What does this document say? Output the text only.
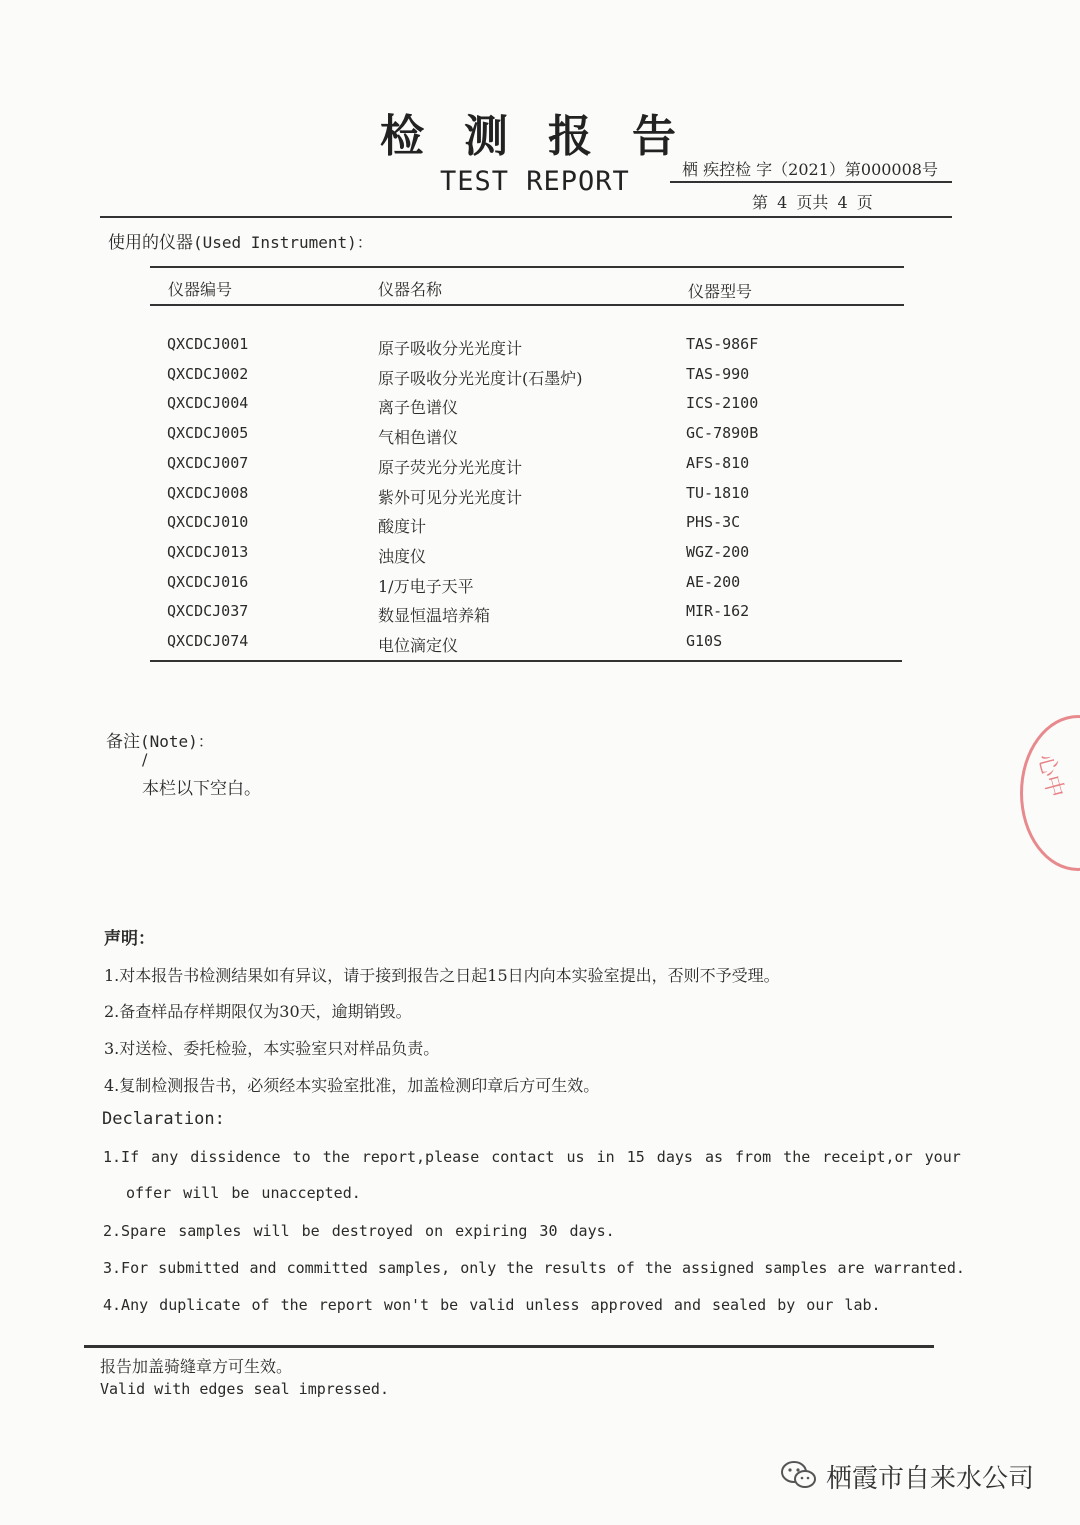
检测报告
TEST REPORT	栖 疾控检 字（2021）第000008号
第 4 页共 4 页
使用的仪器(Used Instrument)：
仪器编号	仪器名称	仪器型号
QXCDCJ001	原子吸收分光光度计	TAS-986F
QXCDCJ002	原子吸收分光光度计(石墨炉)	TAS-990
QXCDCJ004	离子色谱仪	ICS-2100
QXCDCJ005	气相色谱仪	GC-7890B
QXCDCJ007	原子荧光分光光度计	AFS-810
QXCDCJ008	紫外可见分光光度计	TU-1810
QXCDCJ010	酸度计	PHS-3C
QXCDCJ013	浊度仪	WGZ-200
QXCDCJ016	1/万电子天平	AE-200
QXCDCJ037	数显恒温培养箱	MIR-162
QXCDCJ074	电位滴定仪	G10S
备注(Note)：
/
本栏以下空白。
声明：
1.对本报告书检测结果如有异议，请于接到报告之日起15日内向本实验室提出，否则不予受理。
2.备查样品存样期限仅为30天，逾期销毁。
3.对送检、委托检验，本实验室只对样品负责。
4.复制检测报告书，必须经本实验室批准，加盖检测印章后方可生效。
Declaration:
1.If any dissidence to the report,please contact us in 15 days as from the receipt,or your
offer will be unaccepted.
2.Spare samples will be destroyed on expiring 30 days.
3.For submitted and committed samples, only the results of the assigned samples are warranted.
4.Any duplicate of the report won't be valid unless approved and sealed by our lab.
报告加盖骑缝章方可生效。
Valid with edges seal impressed.
心中
栖霞市自来水公司
